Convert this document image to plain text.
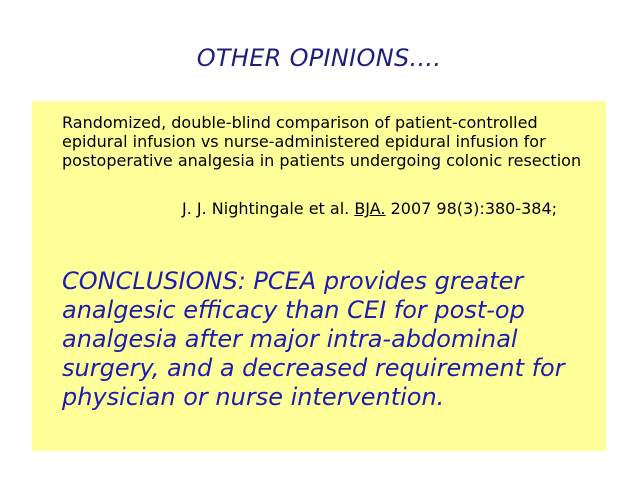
OTHER OPINIONS....

Randomized, double-blind comparison of patient-controlled epidural infusion vs nurse-administered epidural infusion for postoperative analgesia in patients undergoing colonic resection

J. J. Nightingale et al. BJA. 2007 98(3):380-384;

CONCLUSIONS: PCEA provides greater analgesic efficacy than CEI for post-op analgesia after major intra-abdominal surgery, and a decreased requirement for physician or nurse intervention.
